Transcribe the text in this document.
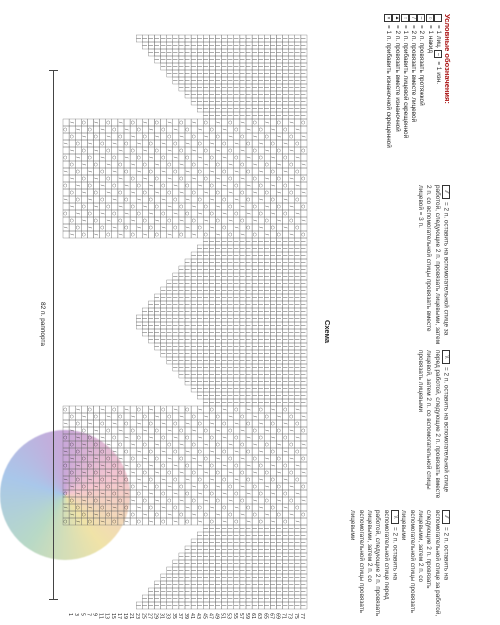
Условные обозначения:
= 1 лиц.

–
= 1 изн.
○
= 1 накид
–
= 2 п. провязать протяжкой
/
= 2 п. провязать вместе лицевой
↑
= 1 п. прибавить лицевой скрещенной
▲
= 2 п. провязать вместе изнаночной
×
= 1 п. прибавить изнаночной скрещенной
⁄⁄= 2 п. оставить на вспомогательной спице за работой, следующие 2 п. провязать лицевыми, затем 2 п. со вспомогательной спицы провязать вместе лицевой = 3 п.
\\= 2 п. оставить на вспомогательной спице перед работой, следующие 2 п. провязать вместе лицевой, затем 2 п. со вспомогательной спицы провязать лицевыми
⁄⁄= 2 п. оставить на вспомогательной спице за работой, следующие 2 п. провязать лицевыми, затем 2 п. со вспомогательной спицы провязать лицевыми
\\= 2 п. оставить на вспомогательной спице перед работой, следующие 2 п. провязать лицевыми, затем 2 п. со вспомогательной спицы провязать лицевыми
Схема
|
|
|
|
|
|
|
|
|
|
|
|
○
/
○
/
○
/
○
/
○
|
|
|
|
|
|
|
|
|
|
|
|
|
|
|
|
|
|
|
|
|
|
|
|
/
○
/
○
/
○
/
○
|
|
|
|
|
|
|
|
|
|
|
|
|
|
|
|
|
|
|
|
|
|
|
|
/
○
/
○
/
○
/
○
|
|
|
|
|
|
|
|
|
|
|
|
|
|
|
|
|
|
|
|
|
|
|
|
/
○
/
○
/
○
/
○
/
|
|
|
|
|
|
|
|
|
|
|
|
|
|
|
|
|
|
|
|
|
|
|
|
/
○
/
○
/
○
/
○
/
|
|
|
|
|
|
|
|
|
|
|
|
|
|
|
|
|
|
|
|
|
|
|
|
○
/
○
/
○
/
○
/
|
|
|
|
|
|
|
|
|
|
|
|
|
|
|
|
|
|
|
|
|
|
|
|
○
/
○
/
○
/
○
/
|
|
|
|
|
|
|
|
|
|
|
|
|
|
|
|
|
|
|
|
|
|
|
|
○
/
○
/
○
/
○
/
○
|
|
|
|
|
|
|
|
|
|
|
|
|
|
|
|
|
|
|
|
|
|
|
|
○
/
○
/
○
/
○
/
○
|
|
|
|
|
|
|
|
|
|
|
|
|
|
|
|
|
|
|
|
|
|
|
|
/
○
/
○
/
○
/
○
|
|
|
|
|
|
|
|
|
|
|
|
|
|
|
|
|
|
|
|
|
|
|
|
/
○
/
○
/
○
/
○
|
|
|
|
|
|
|
|
|
|
|
|
|
|
|
|
|
|
|
|
|
|
|
|
/
○
/
○
/
○
/
○
/
|
|
|
|
|
|
|
|
|
|
|
|
|
|
|
|
|
|
|
|
|
|
|
|
/
○
/
○
/
○
/
○
/
|
|
|
|
|
|
|
|
|
|
|
|
|
|
|
|
|
|
|
|
|
|
|
|
○
/
○
/
○
/
○
/
|
|
|
|
|
|
|
|
|
|
|
|
|
|
|
|
|
|
|
|
|
|
|
|
○
/
○
/
○
/
○
/
|
|
|
|
|
|
|
|
|
|
|
|
|
|
|
|
|
|
|
|
|
|
|
|
○
/
○
/
○
/
○
/
○
|
|
|
|
|
|
|
|
|
|
|
|
|
|
|
|
|
|
|
|
|
|
|
|
○
/
○
/
○
/
○
/
○
|
|
|
|
|
|
|
|
|
|
|
|
|
|
|
|
|
|
|
|
|
|
|
|
/
○
/
○
/
○
/
○
|
|
|
|
|
|
|
|
|
|
|
|
|
|
|
|
|
|
|
|
|
|
|
|
/
○
/
○
/
○
/
○
|
|
|
|
|
|
|
|
|
|
|
|
|
|
|
|
|
|
|
|
|
|
|
|
/
○
/
○
/
○
/
○
/
|
|
|
|
|
|
|
|
|
|
|
|
|
|
|
|
|
|
|
|
|
|
|
|
/
○
/
○
/
○
/
○
/
|
|
|
|
|
|
|
|
|
|
|
|
|
|
|
|
|
|
|
|
|
|
|
|
○
/
○
/
○
/
○
/
|
|
|
|
|
|
|
|
|
|
|
|
|
|
|
|
|
|
|
|
|
|
|
|
○
/
○
/
○
/
○
/
|
|
|
|
|
|
|
|
|
|
|
|
|
|
|
|
|
|
|
|
|
|
|
|
○
/
○
/
○
/
○
/
○
|
|
|
|
|
|
|
|
|
|
|
|
|
|
|
|
|
|
|
|
|
|
|
|
○
/
○
/
○
/
○
/
○
|
|
|
|
|
|
|
|
|
|
|
|
|
|
|
|
|
|
|
|
|
|
|
|
/
○
/
○
/
○
/
○
|
|
|
|
|
|
|
|
|
|
|
|
|
|
|
|
|
|
|
|
|
|
|
|
/
○
/
○
/
○
/
○
|
|
|
|
|
|
|
|
|
|
|
|
|
|
|
|
|
|
|
|
|
|
|
|
/
○
/
○
/
○
/
○
/
|
|
|
|
|
|
|
|
|
|
|
|
|
|
|
|
|
|
|
|
|
|
|
|
/
○
/
○
/
○
/
○
/
|
|
|
|
|
|
|
|
|
|
|
|
|
|
|
|
|
|
|
|
|
|
|
|
○
/
○
/
○
/
○
/
|
|
|
|
|
|
|
|
|
|
|
|
|
|
|
|
|
|
|
|
|
|
|
|
○
/
○
/
○
/
○
/
|
|
|
|
|
|
|
|
|
|
|
|
|
|
|
|
|
|
|
|
|
|
|
|
○
/
○
/
○
/
○
/
○
|
|
|
|
|
|
|
|
|
|
|
|
|
|
|
|
|
|
|
|
|
|
|
|
○
/
○
/
○
/
○
/
○
|
|
|
|
|
|
|
|
|
|
|
|
|
|
|
|
|
|
|
|
|
|
|
|
/
○
/
○
/
○
/
○
|
|
|
|
|
|
|
|
|
|
|
|
|
|
|
|
|
|
|
|
|
|
|
/
○
/
○
/
○
/
○
|
|
|
|
|
|
|
|
|
|
|
|
|
|
|
|
|
|
|
|
|
|
/
○
/
○
/
○
/
○
/
|
|
|
|
|
|
|
|
|
|
|
|
|
|
|
|
|
|
|
|
|
/
○
/
○
/
○
/
○
/
|
|
|
|
|
|
|
|
|
|
|
|
|
|
|
|
|
|
|
|
○
/
○
/
○
/
○
/
|
|
|
|
|
|
|
|
|
|
|
|
|
|
|
|
|
|
|
○
/
○
/
○
/
○
/
|
|
|
|
|
|
|
|
|
|
|
|
|
|
|
|
|
|
○
/
○
/
○
/
○
/
○
|
|
|
|
|
|
|
|
|
|
|
|
|
|
|
|
|
○
/
○
/
○
/
○
/
○
|
|
|
|
|
|
|
|
|
|
|
|
|
|
|
|
/
○
/
○
/
○
/
○
|
|
|
|
|
|
|
|
|
|
|
|
|
|
|
/
○
/
○
/
○
/
○
|
|
|
|
|
|
|
|
|
|
|
|
|
|
/
○
/
○
/
○
/
○
/
|
|
|
|
|
|
|
|
|
|
|
|
|
/
○
/
○
/
○
/
○
/
|
|
|
|
|
|
|
|
|
|
|
|
○
/
○
/
○
/
○
/
|
|
|
|
|
|
|
|
|
|
|
○
/
○
/
○
/
○
/
|
|
|
|
|
|
|
|
|
|
○
/
○
/
○
/
○
/
○
|
|
|
|
|
|
|
|
|
○
/
○
/
○
/
○
/
○
|
|
|
|
|
|
|
|
/
○
/
○
/
○
/
○
|
|
|
|
|
|
|
/
○
/
○
/
○
/
○
|
|
|
|
|
|
/
○
/
○
/
○
/
○
/
|
|
|
|
|
/
○
/
○
/
○
/
○
/
|
|
|
|
○
/
○
/
○
/
○
/
|
|
|
○
/
○
/
○
/
○
/
|
|
○
/
○
/
○
/
○
/
○
|
○
/
○
/
○
/
○
/
○
/
○
/
○
/
○
/
○
/
○
/
○
/
○
/
○
/
○
/
○
/
○
/
○
/
/
○
/
○
/
○
/
○
/
○
/
○
/
○
/
○
/
○
/
○
/
○
/
○
/
○
/
○
/
○
/
○
/
○
○
/
○
/
○
/
○
/
○
/
○
/
○
/
○
/
○
/
○
/
○
/
○
/
○
/
○
/
○
/
○
/
○
/
/
○
/
○
/
○
/
○
/
○
/
○
/
○
/
○
/
○
/
○
/
○
/
○
/
○
/
○
/
○
/
○
/
○
○
/
○
/
○
/
○
/
○
/
○
/
○
/
○
/
○
/
○
/
○
/
○
/
○
/
○
/
○
/
○
/
○
/
/
○
/
○
/
○
/
○
/
○
/
○
/
○
/
○
/
○
/
○
/
○
/
○
/
○
/
○
/
○
/
○
/
○
77
75
73
71
69
67
65
63
61
59
57
55
53
51
49
47
45
43
41
39
37
35
33
31
29
27
25
23
21
19
17
15
13
11
9
7
5
3
1
82 п. раппорта
